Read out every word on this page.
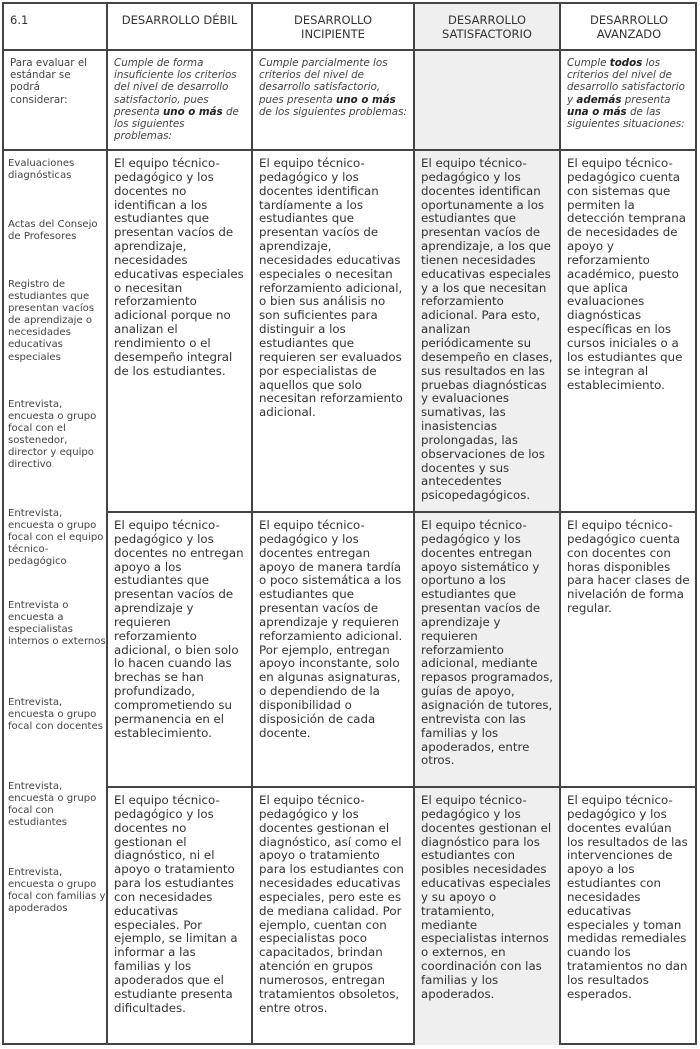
6.1	DESARROLLO DÉBIL	DESARROLLO INCIPIENTE
DESARROLLO SATISFACTORIO
DESARROLLO AVANZADO
Para evaluar el estándar se podrá considerar:
Cumple de forma insuficiente los criterios del nivel de desarrollo satisfactorio, pues presenta uno o más de los siguientes problemas:
Cumple parcialmente los criterios del nivel de desarrollo satisfactorio, pues presenta uno o más de los siguientes problemas:
Cumple todos los criterios del nivel de desarrollo satisfactorio y además presenta una o más de las siguientes situaciones:
Evaluaciones diagnósticas
Actas del Consejo de Profesores
Registro de estudiantes que presentan vacíos de aprendizaje o necesidades educativas especiales
Entrevista, encuesta o grupo focal con el sostenedor, director y equipo directivo
Entrevista, encuesta o grupo focal con el equipo técnico-pedagógico
Entrevista o encuesta a especialistas internos o externos
Entrevista, encuesta o grupo focal con docentes
Entrevista, encuesta o grupo focal con estudiantes
Entrevista, encuesta o grupo focal con familias y apoderados
El equipo técnico-pedagógico y los docentes no identifican a los estudiantes que presentan vacíos de aprendizaje, necesidades educativas especiales o necesitan reforzamiento adicional porque no analizan el rendimiento o el desempeño integral de los estudiantes.
El equipo técnico-pedagógico y los docentes identifican tardíamente a los estudiantes que presentan vacíos de aprendizaje, necesidades educativas especiales o necesitan reforzamiento adicional, o bien sus análisis no son suficientes para distinguir a los estudiantes que requieren ser evaluados por especialistas de aquellos que solo necesitan reforzamiento adicional.
El equipo técnico-pedagógico y los docentes identifican oportunamente a los estudiantes que presentan vacíos de aprendizaje, a los que tienen necesidades educativas especiales y a los que necesitan reforzamiento adicional. Para esto, analizan periódicamente su desempeño en clases, sus resultados en las pruebas diagnósticas y evaluaciones sumativas, las inasistencias prolongadas, las observaciones de los docentes y sus antecedentes psicopedagógicos.
El equipo técnico-pedagógico cuenta con sistemas que permiten la detección temprana de necesidades de apoyo y reforzamiento académico, puesto que aplica evaluaciones diagnósticas específicas en los cursos iniciales o a los estudiantes que se integran al establecimiento.
El equipo técnico-pedagógico y los docentes no entregan apoyo a los estudiantes que presentan vacíos de aprendizaje y requieren reforzamiento adicional, o bien solo lo hacen cuando las brechas se han profundizado, comprometiendo su permanencia en el establecimiento.
El equipo técnico-pedagógico y los docentes entregan apoyo de manera tardía o poco sistemática a los estudiantes que presentan vacíos de aprendizaje y requieren reforzamiento adicional. Por ejemplo, entregan apoyo inconstante, solo en algunas asignaturas, o dependiendo de la disponibilidad o disposición de cada docente.
El equipo técnico-pedagógico y los docentes entregan apoyo sistemático y oportuno a los estudiantes que presentan vacíos de aprendizaje y requieren reforzamiento adicional, mediante repasos programados, guías de apoyo, asignación de tutores, entrevista con las familias y los apoderados, entre otros.
El equipo técnico-pedagógico cuenta con docentes con horas disponibles para hacer clases de nivelación de forma regular.
El equipo técnico-pedagógico y los docentes no gestionan el diagnóstico, ni el apoyo o tratamiento para los estudiantes con necesidades educativas especiales. Por ejemplo, se limitan a informar a las familias y los apoderados que el estudiante presenta dificultades.
El equipo técnico-pedagógico y los docentes gestionan el diagnóstico, así como el apoyo o tratamiento para los estudiantes con necesidades educativas especiales, pero este es de mediana calidad. Por ejemplo, cuentan con especialistas poco capacitados, brindan atención en grupos numerosos, entregan tratamientos obsoletos, entre otros.
El equipo técnico-pedagógico y los docentes gestionan el diagnóstico para los estudiantes con posibles necesidades educativas especiales y su apoyo o tratamiento, mediante especialistas internos o externos, en coordinación con las familias y los apoderados.
El equipo técnico-pedagógico y los docentes evalúan los resultados de las intervenciones de apoyo a los estudiantes con necesidades educativas especiales y toman medidas remediales cuando los tratamientos no dan los resultados esperados.
